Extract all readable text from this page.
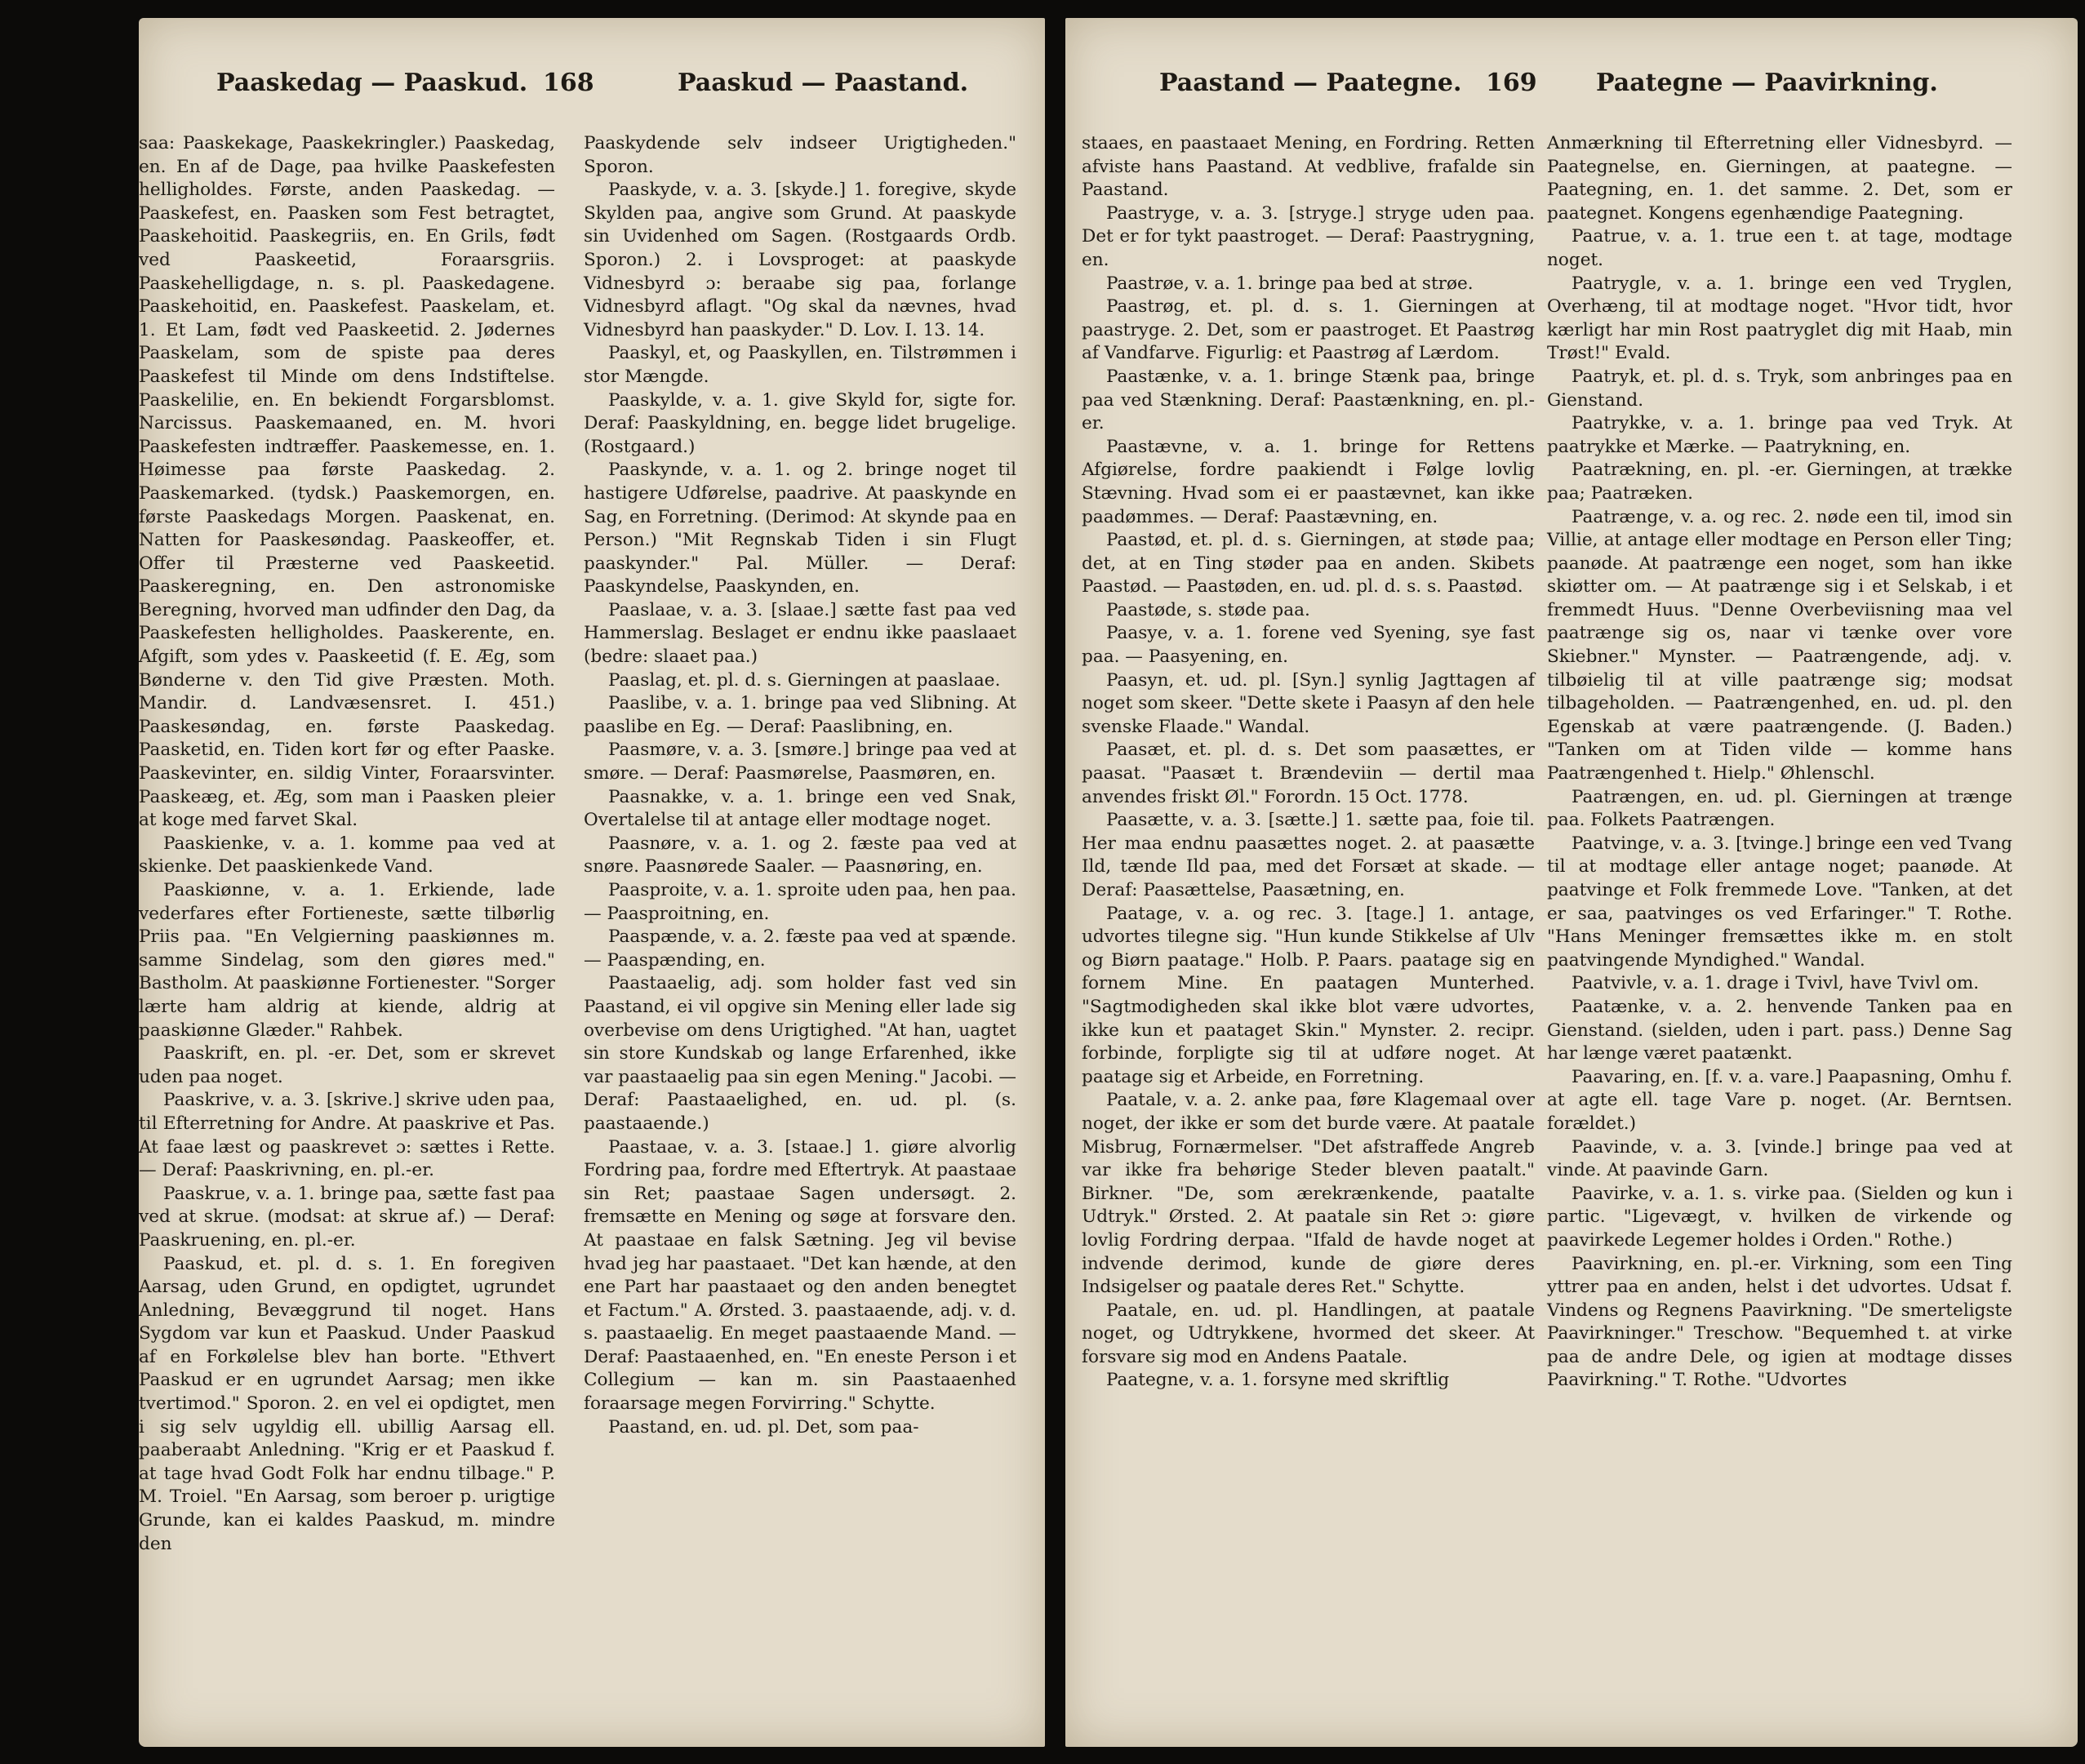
Paaskedag — Paaskud. 168	Paaskud — Paastand.

saa: Paaskekage, Paaskekringler.) Paaskedag, en. En af de Dage, paa hvilke Paaskefesten helligholdes. Første, anden Paaskedag. — Paaskefest, en. Paasken som Fest betragtet, Paaskehoitid. Paaskegriis, en. En Grils, født ved Paaskeetid, Foraarsgriis. Paaskehelligdage, n. s. pl. Paaskedagene. Paaskehoitid, en. Paaskefest. Paaskelam, et. 1. Et Lam, født ved Paaskeetid. 2. Jødernes Paaskelam, som de spiste paa deres Paaskefest til Minde om dens Indstiftelse. Paaskelilie, en. En bekiendt Forgarsblomst. Narcissus. Paaskemaaned, en. M. hvori Paaskefesten indtræffer. Paaskemesse, en. 1. Høimesse paa første Paaskedag. 2. Paaskemarked. (tydsk.) Paaskemorgen, en. første Paaskedags Morgen. Paaskenat, en. Natten for Paaskesøndag. Paaskeoffer, et. Offer til Præsterne ved Paaskeetid. Paaskeregning, en. Den astronomiske Beregning, hvorved man udfinder den Dag, da Paaskefesten helligholdes. Paaskerente, en. Afgift, som ydes v. Paaskeetid (f. E. Æg, som Bønderne v. den Tid give Præsten. Moth. Mandir. d. Landvæsensret. I. 451.) Paaskesøndag, en. første Paaskedag. Paasketid, en. Tiden kort før og efter Paaske. Paaskevinter, en. sildig Vinter, Foraarsvinter. Paaskeæg, et. Æg, som man i Paasken pleier at koge med farvet Skal.

Paaskienke, v. a. 1. komme paa ved at skienke. Det paaskienkede Vand.

Paaskiønne, v. a. 1. Erkiende, lade vederfares efter Fortieneste, sætte tilbørlig Priis paa. "En Velgierning paaskiønnes m. samme Sindelag, som den giøres med." Bastholm. At paaskiønne Fortienester. "Sorger lærte ham aldrig at kiende, aldrig at paaskiønne Glæder." Rahbek.

Paaskrift, en. pl. -er. Det, som er skrevet uden paa noget.

Paaskrive, v. a. 3. [skrive.] skrive uden paa, til Efterretning for Andre. At paaskrive et Pas. At faae læst og paaskrevet ɔ: sættes i Rette. — Deraf: Paaskrivning, en. pl.-er.

Paaskrue, v. a. 1. bringe paa, sætte fast paa ved at skrue. (modsat: at skrue af.) — Deraf: Paaskruening, en. pl.-er.

Paaskud, et. pl. d. s. 1. En foregiven Aarsag, uden Grund, en opdigtet, ugrundet Anledning, Bevæggrund til noget. Hans Sygdom var kun et Paaskud. Under Paaskud af en Forkølelse blev han borte. "Ethvert Paaskud er en ugrundet Aarsag; men ikke tvertimod." Sporon. 2. en vel ei opdigtet, men i sig selv ugyldig ell. ubillig Aarsag ell. paaberaabt Anledning. "Krig er et Paaskud f. at tage hvad Godt Folk har endnu tilbage." P. M. Troiel. "En Aarsag, som beroer p. urigtige Grunde, kan ei kaldes Paaskud, m. mindre den

Paaskydende selv indseer Urigtigheden." Sporon.

Paaskyde, v. a. 3. [skyde.] 1. foregive, skyde Skylden paa, angive som Grund. At paaskyde sin Uvidenhed om Sagen. (Rostgaards Ordb. Sporon.) 2. i Lovsproget: at paaskyde Vidnesbyrd ɔ: beraabe sig paa, forlange Vidnesbyrd aflagt. "Og skal da nævnes, hvad Vidnesbyrd han paaskyder." D. Lov. I. 13. 14.

Paaskyl, et, og Paaskyllen, en. Tilstrømmen i stor Mængde.

Paaskylde, v. a. 1. give Skyld for, sigte for. Deraf: Paaskyldning, en. begge lidet brugelige. (Rostgaard.)

Paaskynde, v. a. 1. og 2. bringe noget til hastigere Udførelse, paadrive. At paaskynde en Sag, en Forretning. (Derimod: At skynde paa en Person.) "Mit Regnskab Tiden i sin Flugt paaskynder." Pal. Müller. — Deraf: Paaskyndelse, Paaskynden, en.

Paaslaae, v. a. 3. [slaae.] sætte fast paa ved Hammerslag. Beslaget er endnu ikke paaslaaet (bedre: slaaet paa.)

Paaslag, et. pl. d. s. Gierningen at paaslaae.

Paaslibe, v. a. 1. bringe paa ved Slibning. At paaslibe en Eg. — Deraf: Paaslibning, en.

Paasmøre, v. a. 3. [smøre.] bringe paa ved at smøre. — Deraf: Paasmørelse, Paasmøren, en.

Paasnakke, v. a. 1. bringe een ved Snak, Overtalelse til at antage eller modtage noget.

Paasnøre, v. a. 1. og 2. fæste paa ved at snøre. Paasnørede Saaler. — Paasnøring, en.

Paasproite, v. a. 1. sproite uden paa, hen paa. — Paasproitning, en.

Paaspænde, v. a. 2. fæste paa ved at spænde. — Paaspænding, en.

Paastaaelig, adj. som holder fast ved sin Paastand, ei vil opgive sin Mening eller lade sig overbevise om dens Urigtighed. "At han, uagtet sin store Kundskab og lange Erfarenhed, ikke var paastaaelig paa sin egen Mening." Jacobi. — Deraf: Paastaaelighed, en. ud. pl. (s. paastaaende.)

Paastaae, v. a. 3. [staae.] 1. giøre alvorlig Fordring paa, fordre med Eftertryk. At paastaae sin Ret; paastaae Sagen undersøgt. 2. fremsætte en Mening og søge at forsvare den. At paastaae en falsk Sætning. Jeg vil bevise hvad jeg har paastaaet. "Det kan hænde, at den ene Part har paastaaet og den anden benegtet et Factum." A. Ørsted. 3. paastaaende, adj. v. d. s. paastaaelig. En meget paastaaende Mand. — Deraf: Paastaaenhed, en. "En eneste Person i et Collegium — kan m. sin Paastaaenhed foraarsage megen Forvirring." Schytte.

Paastand, en. ud. pl. Det, som paa-

Paastand — Paategne. 169 Paategne — Paavirkning.

staaes, en paastaaet Mening, en Fordring. Retten afviste hans Paastand. At vedblive, frafalde sin Paastand.

Paastryge, v. a. 3. [stryge.] stryge uden paa. Det er for tykt paastroget. — Deraf: Paastrygning, en.

Paastrøe, v. a. 1. bringe paa bed at strøe.

Paastrøg, et. pl. d. s. 1. Gierningen at paastryge. 2. Det, som er paastroget. Et Paastrøg af Vandfarve. Figurlig: et Paastrøg af Lærdom.

Paastænke, v. a. 1. bringe Stænk paa, bringe paa ved Stænkning. Deraf: Paastænkning, en. pl.-er.

Paastævne, v. a. 1. bringe for Rettens Afgiørelse, fordre paakiendt i Følge lovlig Stævning. Hvad som ei er paastævnet, kan ikke paadømmes. — Deraf: Paastævning, en.

Paastød, et. pl. d. s. Gierningen, at støde paa; det, at en Ting støder paa en anden. Skibets Paastød. — Paastøden, en. ud. pl. d. s. s. Paastød.

Paastøde, s. støde paa.

Paasye, v. a. 1. forene ved Syening, sye fast paa. — Paasyening, en.

Paasyn, et. ud. pl. [Syn.] synlig Jagttagen af noget som skeer. "Dette skete i Paasyn af den hele svenske Flaade." Wandal.

Paasæt, et. pl. d. s. Det som paasættes, er paasat. "Paasæt t. Brændeviin — dertil maa anvendes friskt Øl." Forordn. 15 Oct. 1778.

Paasætte, v. a. 3. [sætte.] 1. sætte paa, foie til. Her maa endnu paasættes noget. 2. at paasætte Ild, tænde Ild paa, med det Forsæt at skade. — Deraf: Paasættelse, Paasætning, en.

Paatage, v. a. og rec. 3. [tage.] 1. antage, udvortes tilegne sig. "Hun kunde Stikkelse af Ulv og Biørn paatage." Holb. P. Paars. paatage sig en fornem Mine. En paatagen Munterhed. "Sagtmodigheden skal ikke blot være udvortes, ikke kun et paataget Skin." Mynster. 2. recipr. forbinde, forpligte sig til at udføre noget. At paatage sig et Arbeide, en Forretning.

Paatale, v. a. 2. anke paa, føre Klagemaal over noget, der ikke er som det burde være. At paatale Misbrug, Fornærmelser. "Det afstraffede Angreb var ikke fra behørige Steder bleven paatalt." Birkner. "De, som ærekrænkende, paatalte Udtryk." Ørsted. 2. At paatale sin Ret ɔ: giøre lovlig Fordring derpaa. "Ifald de havde noget at indvende derimod, kunde de giøre deres Indsigelser og paatale deres Ret." Schytte.

Paatale, en. ud. pl. Handlingen, at paatale noget, og Udtrykkene, hvormed det skeer. At forsvare sig mod en Andens Paatale.

Paategne, v. a. 1. forsyne med skriftlig

Anmærkning til Efterretning eller Vidnesbyrd. — Paategnelse, en. Gierningen, at paategne. — Paategning, en. 1. det samme. 2. Det, som er paategnet. Kongens egenhændige Paategning.

Paatrue, v. a. 1. true een t. at tage, modtage noget.

Paatrygle, v. a. 1. bringe een ved Tryglen, Overhæng, til at modtage noget. "Hvor tidt, hvor kærligt har min Rost paatryglet dig mit Haab, min Trøst!" Evald.

Paatryk, et. pl. d. s. Tryk, som anbringes paa en Gienstand.

Paatrykke, v. a. 1. bringe paa ved Tryk. At paatrykke et Mærke. — Paatrykning, en.

Paatrækning, en. pl. -er. Gierningen, at trække paa; Paatræken.

Paatrænge, v. a. og rec. 2. nøde een til, imod sin Villie, at antage eller modtage en Person eller Ting; paanøde. At paatrænge een noget, som han ikke skiøtter om. — At paatrænge sig i et Selskab, i et fremmedt Huus. "Denne Overbeviisning maa vel paatrænge sig os, naar vi tænke over vore Skiebner." Mynster. — Paatrængende, adj. v. tilbøielig til at ville paatrænge sig; modsat tilbageholden. — Paatrængenhed, en. ud. pl. den Egenskab at være paatrængende. (J. Baden.) "Tanken om at Tiden vilde — komme hans Paatrængenhed t. Hielp." Øhlenschl.

Paatrængen, en. ud. pl. Gierningen at trænge paa. Folkets Paatrængen.

Paatvinge, v. a. 3. [tvinge.] bringe een ved Tvang til at modtage eller antage noget; paanøde. At paatvinge et Folk fremmede Love. "Tanken, at det er saa, paatvinges os ved Erfaringer." T. Rothe. "Hans Meninger fremsættes ikke m. en stolt paatvingende Myndighed." Wandal.

Paatvivle, v. a. 1. drage i Tvivl, have Tvivl om.

Paatænke, v. a. 2. henvende Tanken paa en Gienstand. (sielden, uden i part. pass.) Denne Sag har længe været paatænkt.

Paavaring, en. [f. v. a. vare.] Paapasning, Omhu f. at agte ell. tage Vare p. noget. (Ar. Berntsen. forældet.)

Paavinde, v. a. 3. [vinde.] bringe paa ved at vinde. At paavinde Garn.

Paavirke, v. a. 1. s. virke paa. (Sielden og kun i partic. "Ligevægt, v. hvilken de virkende og paavirkede Legemer holdes i Orden." Rothe.)

Paavirkning, en. pl.-er. Virkning, som een Ting yttrer paa en anden, helst i det udvortes. Udsat f. Vindens og Regnens Paavirkning. "De smerteligste Paavirkninger." Treschow. "Bequemhed t. at virke paa de andre Dele, og igien at modtage disses Paavirkning." T. Rothe. "Udvortes
